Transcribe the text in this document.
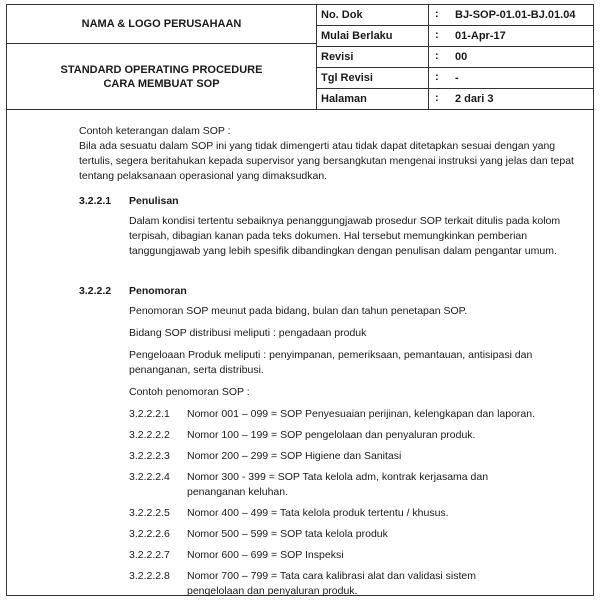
NAMA & LOGO PERUSAHAAN
STANDARD OPERATING PROCEDURE
CARA MEMBUAT SOP
No. Dok	: BJ-SOP-01.01-BJ.01.04
Mulai Berlaku	: 01-Apr-17
Revisi	: 00
Tgl Revisi	: -
Halaman	: 2 dari 3

Contoh keterangan dalam SOP :

Bila ada sesuatu dalam SOP ini yang tidak dimengerti atau tidak dapat ditetapkan sesuai dengan yang tertulis, segera beritahukan kepada supervisor yang bersangkutan mengenai instruksi yang jelas dan tepat tentang pelaksanaan operasional yang dimaksudkan.

3.2.2.1 Penulisan

Dalam kondisi tertentu sebaiknya penanggungjawab prosedur SOP terkait ditulis pada kolom terpisah, dibagian kanan pada teks dokumen. Hal tersebut memungkinkan pemberian tanggungjawab yang lebih spesifik dibandingkan dengan penulisan dalam pengantar umum.

3.2.2.2 Penomoran

Penomoran SOP meunut pada bidang, bulan dan tahun penetapan SOP.

Bidang SOP distribusi meliputi : pengadaan produk

Pengeloaan Produk meliputi : penyimpanan, pemeriksaan, pemantauan, antisipasi dan penanganan, serta distribusi.

Contoh penomoran SOP :

3.2.2.2.1 Nomor 001 – 099 = SOP Penyesuaian perijinan, kelengkapan dan laporan.
3.2.2.2.2 Nomor 100 – 199 = SOP pengelolaan dan penyaluran produk.
3.2.2.2.3 Nomor 200 – 299 = SOP Higiene dan Sanitasi
3.2.2.2.4 Nomor 300 - 399 = SOP Tata kelola adm, kontrak kerjasama dan penanganan keluhan.
3.2.2.2.5 Nomor 400 – 499 = Tata kelola produk tertentu / khusus.
3.2.2.2.6 Nomor 500 – 599 = SOP tata kelola produk
3.2.2.2.7 Nomor 600 – 699 = SOP Inspeksi
3.2.2.2.8 Nomor 700 – 799 = Tata cara kalibrasi alat dan validasi sistem pengelolaan dan penyaluran produk.
